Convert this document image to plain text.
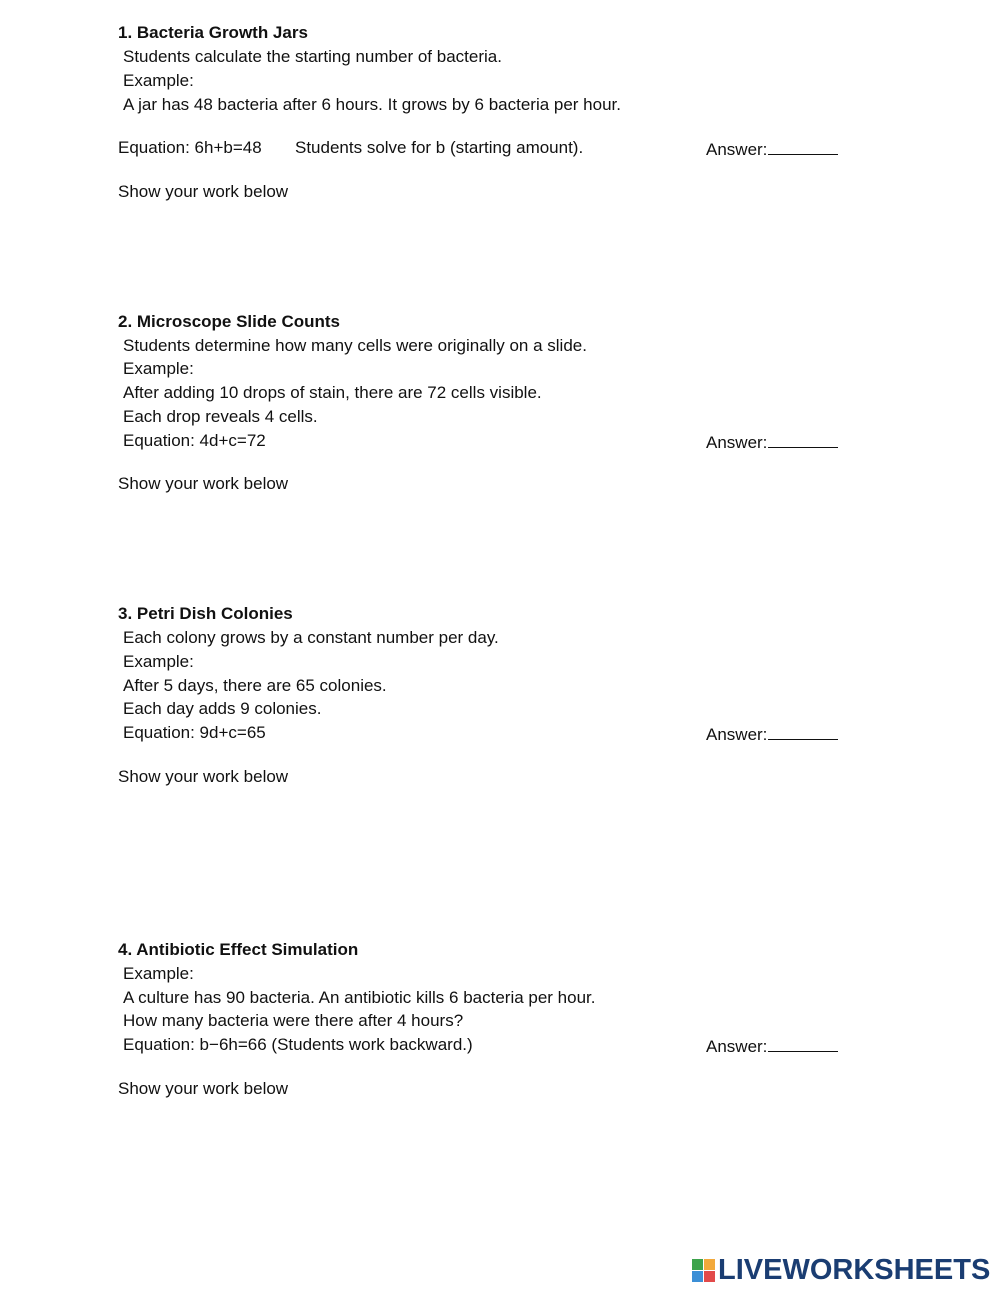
1. Bacteria Growth Jars
Students calculate the starting number of bacteria.
Example:
A jar has 48 bacteria after 6 hours. It grows by 6 bacteria per hour.
Equation: 6h+b=48 Students solve for b (starting amount).	Answer:
Show your work below
2. Microscope Slide Counts
Students determine how many cells were originally on a slide.
Example:
After adding 10 drops of stain, there are 72 cells visible.
Each drop reveals 4 cells.
Equation: 4d+c=72	Answer:
Show your work below
3. Petri Dish Colonies
Each colony grows by a constant number per day.
Example:
After 5 days, there are 65 colonies.
Each day adds 9 colonies.
Equation: 9d+c=65	Answer:
Show your work below
4. Antibiotic Effect Simulation
Example:
A culture has 90 bacteria. An antibiotic kills 6 bacteria per hour.
How many bacteria were there after 4 hours?
Equation: b−6h=66 (Students work backward.)	Answer:
Show your work below
LIVEWORKSHEETS
